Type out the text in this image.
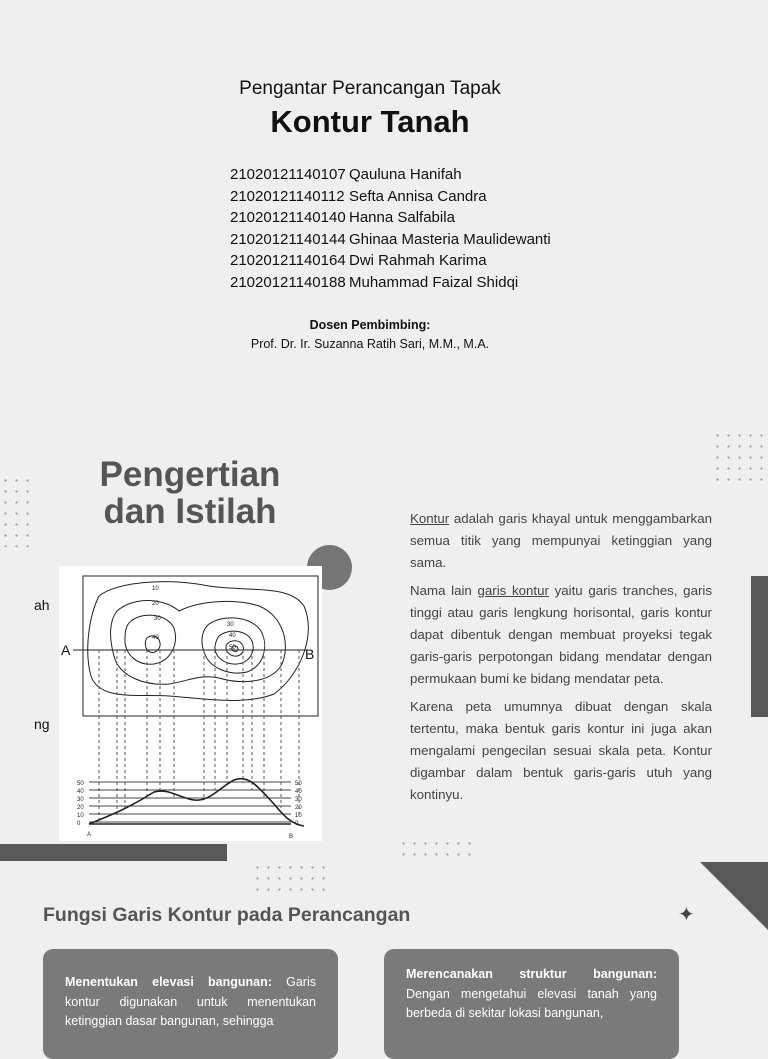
Pengantar Perancangan Tapak
Kontur Tanah
21020121140107 Qauluna Hanifah
21020121140112 Sefta Annisa Candra
21020121140140 Hanna Salfabila
21020121140144 Ghinaa Masteria Maulidewanti
21020121140164 Dwi Rahmah Karima
21020121140188 Muhammad Faizal Shidqi
Dosen Pembimbing:
Prof. Dr. Ir. Suzanna Ratih Sari, M.M., M.A.
Pengertian
dan Istilah
10
20
30
40
30
40
50
50
40
30
20
10
0
50
40
30
20
10
0
A	B
A	B
ah
ng

Kontur adalah garis khayal untuk menggambarkan semua titik yang mempunyai ketinggian yang sama.

Nama lain garis kontur yaitu garis tranches, garis tinggi atau garis lengkung horisontal, garis kontur dapat dibentuk dengan membuat proyeksi tegak garis-garis perpotongan bidang mendatar dengan permukaan bumi ke bidang mendatar peta.

Karena peta umumnya dibuat dengan skala tertentu, maka bentuk garis kontur ini juga akan mengalami pengecilan sesuai skala peta. Kontur digambar dalam bentuk garis-garis utuh yang kontinyu.

Fungsi Garis Kontur pada Perancangan	✦
Menentukan elevasi bangunan: Garis kontur digunakan untuk menentukan ketinggian dasar bangunan, sehingga
Merencanakan struktur bangunan: Dengan mengetahui elevasi tanah yang berbeda di sekitar lokasi bangunan,
